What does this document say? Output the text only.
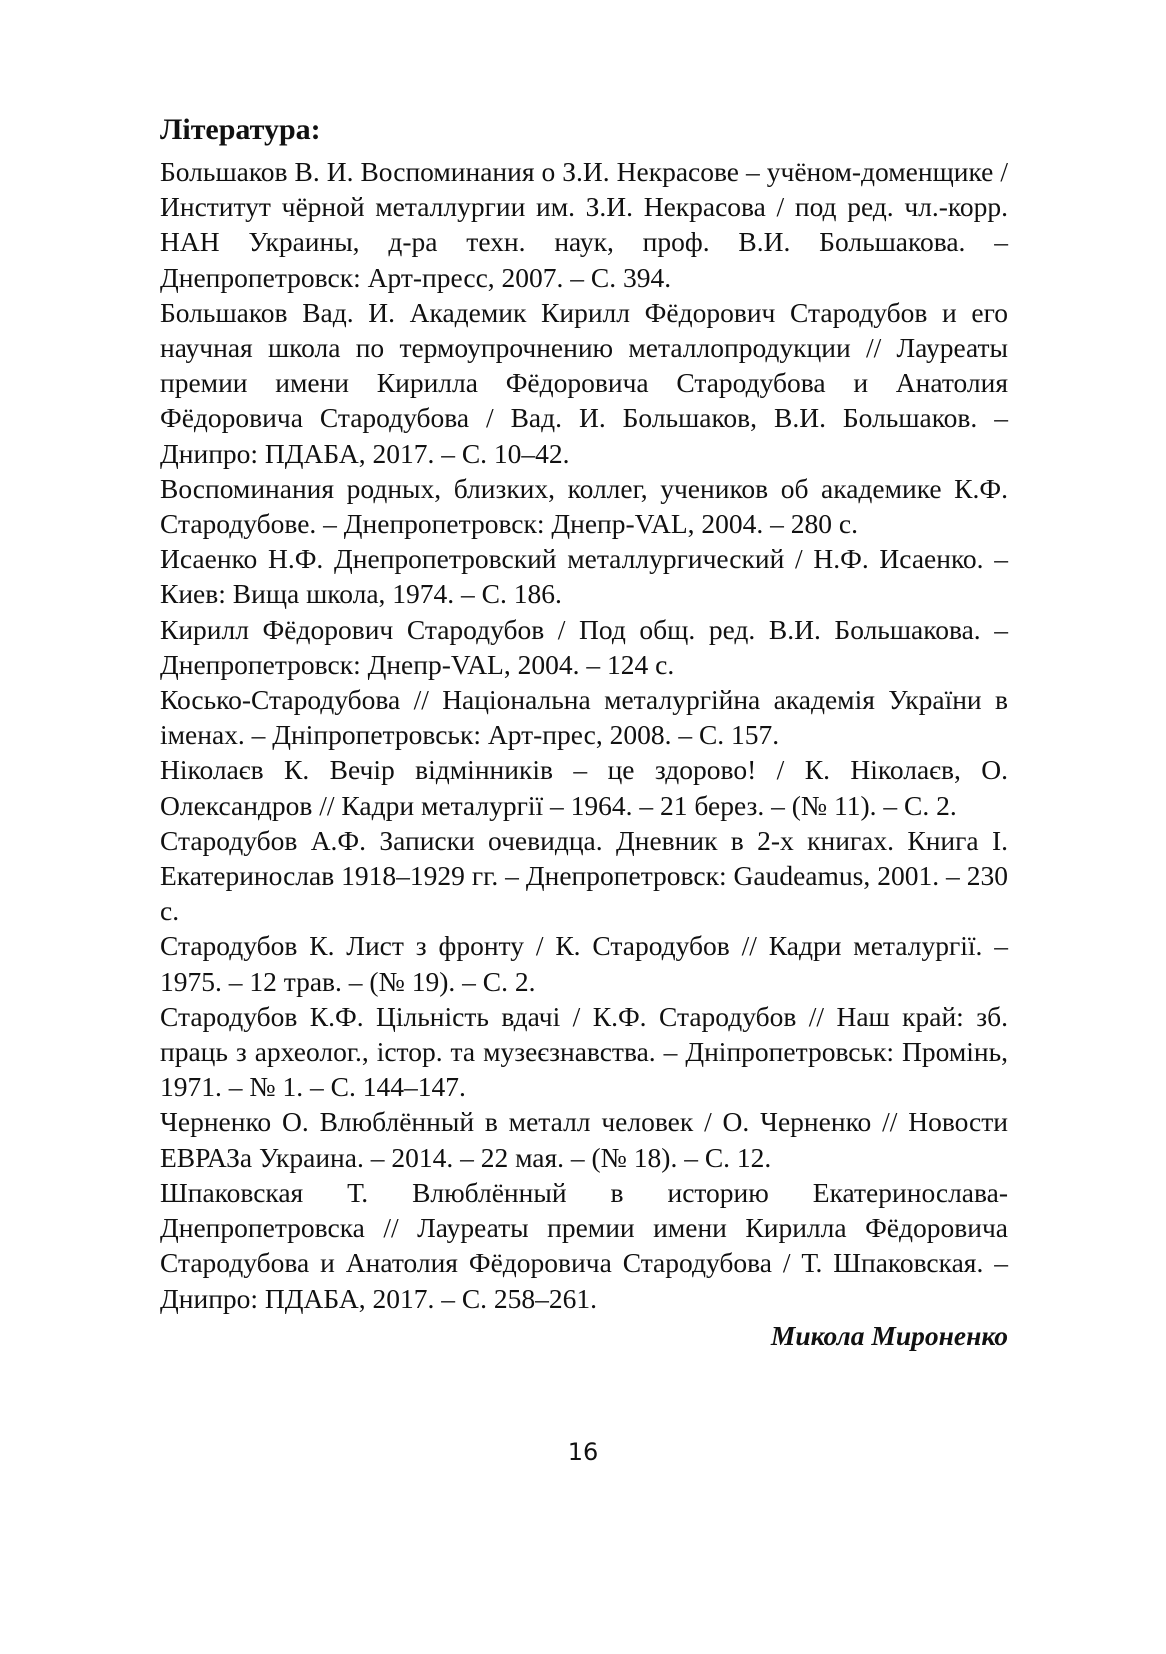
Література:

Большаков В. И. Воспоминания о З.И. Некрасове – учёном-доменщике / Институт чёрной металлургии им. З.И. Некрасова / под ред. чл.-корр. НАН Украины, д-ра техн. наук, проф. В.И. Большакова. – Днепропетровск: Арт-пресс, 2007. – С. 394.

Большаков Вад. И. Академик Кирилл Фёдорович Стародубов и его научная школа по термоупрочнению металлопродукции // Лауреаты премии имени Кирилла Фёдоровича Стародубова и Анатолия Фёдоровича Стародубова / Вад. И. Большаков, В.И. Большаков. – Днипро: ПДАБА, 2017. – С. 10–42.

Воспоминания родных, близких, коллег, учеников об академике К.Ф. Стародубове. – Днепропетровск: Днепр-VAL, 2004. – 280 с.

Исаенко Н.Ф. Днепропетровский металлургический / Н.Ф. Исаенко. – Киев: Вища школа, 1974. – С. 186.

Кирилл Фёдорович Стародубов / Под общ. ред. В.И. Большакова. – Днепропетровск: Днепр-VAL, 2004. – 124 с.

Косько-Стародубова // Національна металургійна академія України в іменах. – Дніпропетровськ: Арт-прес, 2008. – С. 157.

Ніколаєв К. Вечір відмінників – це здорово! / К. Ніколаєв, О. Олександров // Кадри металургії – 1964. – 21 берез. – (№ 11). – С. 2.

Стародубов А.Ф. Записки очевидца. Дневник в 2-х книгах. Книга I. Екатеринослав 1918–1929 гг. – Днепропетровск: Gaudeamus, 2001. – 230 с.

Стародубов К. Лист з фронту / К. Стародубов // Кадри металургії. – 1975. – 12 трав. – (№ 19). – С. 2.

Стародубов К.Ф. Цільність вдачі / К.Ф. Стародубов // Наш край: зб. праць з археолог., істор. та музеєзнавства. – Дніпропетровськ: Промінь, 1971. – № 1. – С. 144–147.

Черненко О. Влюблённый в металл человек / О. Черненко // Новости ЕВРАЗа Украина. – 2014. – 22 мая. – (№ 18). – С. 12.

Шпаковская Т. Влюблённый в историю Екатеринослава-Днепропетровска // Лауреаты премии имени Кирилла Фёдоровича Стародубова и Анатолия Фёдоровича Стародубова / Т. Шпаковская. – Днипро: ПДАБА, 2017. – С. 258–261.

Микола Мироненко

16
